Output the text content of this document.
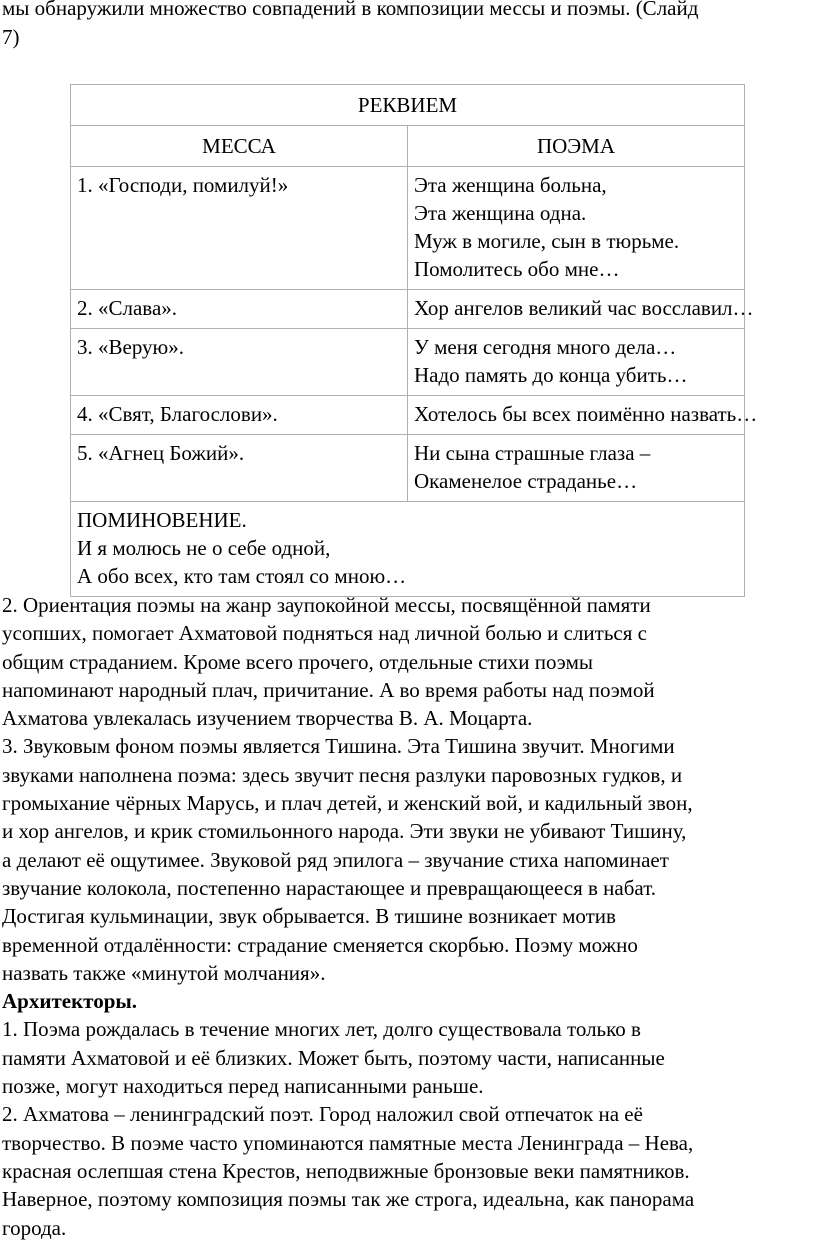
мы обнаружили множество совпадений в композиции мессы и поэмы. (Слайд
7)
РЕКВИЕМ	
МЕССА	ПОЭМА
1. «Господи, помилуй!»	Эта женщина больна,
Эта женщина одна.
Муж в могиле, сын в тюрьме.
Помолитесь обо мне…

2. «Слава».	Хор ангелов великий час восславил…

3. «Верую».	У меня сегодня много дела…
Надо память до конца убить…

4. «Свят, Благослови».	Хотелось бы всех поимённо назвать…

5. «Агнец Божий».	Ни сына страшные глаза –
Окаменелое страданье…

ПОМИНОВЕНИЕ.
И я молюсь не о себе одной,
А обо всех, кто там стоял со мною…	
2. Ориентация поэмы на жанр заупокойной мессы, посвящённой памяти
усопших, помогает Ахматовой подняться над личной болью и слиться с
общим страданием. Кроме всего прочего, отдельные стихи поэмы
напоминают народный плач, причитание. А во время работы над поэмой
Ахматова увлекалась изучением творчества В. А. Моцарта.
3. Звуковым фоном поэмы является Тишина. Эта Тишина звучит. Многими
звуками наполнена поэма: здесь звучит песня разлуки паровозных гудков, и
громыхание чёрных Марусь, и плач детей, и женский вой, и кадильный звон,
и хор ангелов, и крик стомильонного народа. Эти звуки не убивают Тишину,
а делают её ощутимее. Звуковой ряд эпилога – звучание стиха напоминает
звучание колокола, постепенно нарастающее и превращающееся в набат.
Достигая кульминации, звук обрывается. В тишине возникает мотив
временной отдалённости: страдание сменяется скорбью. Поэму можно
назвать также «минутой молчания».
Архитекторы.
1. Поэма рождалась в течение многих лет, долго существовала только в
памяти Ахматовой и её близких. Может быть, поэтому части, написанные
позже, могут находиться перед написанными раньше.
2. Ахматова – ленинградский поэт. Город наложил свой отпечаток на её
творчество. В поэме часто упоминаются памятные места Ленинграда – Нева,
красная ослепшая стена Крестов, неподвижные бронзовые веки памятников.
Наверное, поэтому композиция поэмы так же строга, идеальна, как панорама
города.
